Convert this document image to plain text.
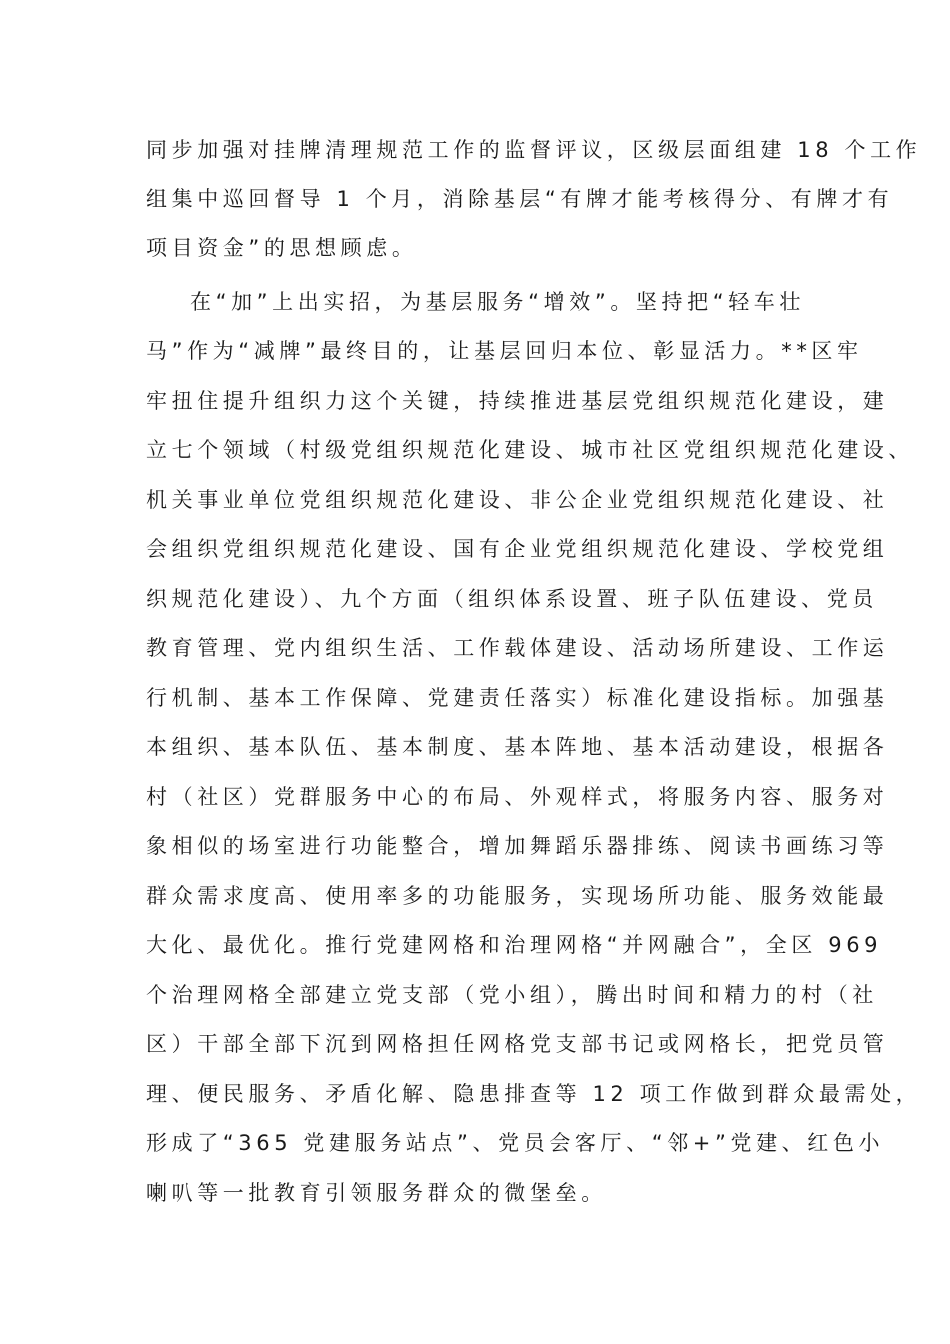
同步加强对挂牌清理规范工作的监督评议，区级层面组建 18 个工作

组集中巡回督导 1 个月，消除基层“有牌才能考核得分、有牌才有

项目资金”的思想顾虑。

在“加”上出实招，为基层服务“增效”。坚持把“轻车壮

马”作为“减牌”最终目的，让基层回归本位、彰显活力。**区牢

牢扭住提升组织力这个关键，持续推进基层党组织规范化建设，建

立七个领域（村级党组织规范化建设、城市社区党组织规范化建设、

机关事业单位党组织规范化建设、非公企业党组织规范化建设、社

会组织党组织规范化建设、国有企业党组织规范化建设、学校党组

织规范化建设）、九个方面（组织体系设置、班子队伍建设、党员

教育管理、党内组织生活、工作载体建设、活动场所建设、工作运

行机制、基本工作保障、党建责任落实）标准化建设指标。加强基

本组织、基本队伍、基本制度、基本阵地、基本活动建设，根据各

村（社区）党群服务中心的布局、外观样式，将服务内容、服务对

象相似的场室进行功能整合，增加舞蹈乐器排练、阅读书画练习等

群众需求度高、使用率多的功能服务，实现场所功能、服务效能最

大化、最优化。推行党建网格和治理网格“并网融合”，全区 969

个治理网格全部建立党支部（党小组），腾出时间和精力的村（社

区）干部全部下沉到网格担任网格党支部书记或网格长，把党员管

理、便民服务、矛盾化解、隐患排查等 12 项工作做到群众最需处，

形成了“365 党建服务站点”、党员会客厅、“邻+”党建、红色小

喇叭等一批教育引领服务群众的微堡垒。
